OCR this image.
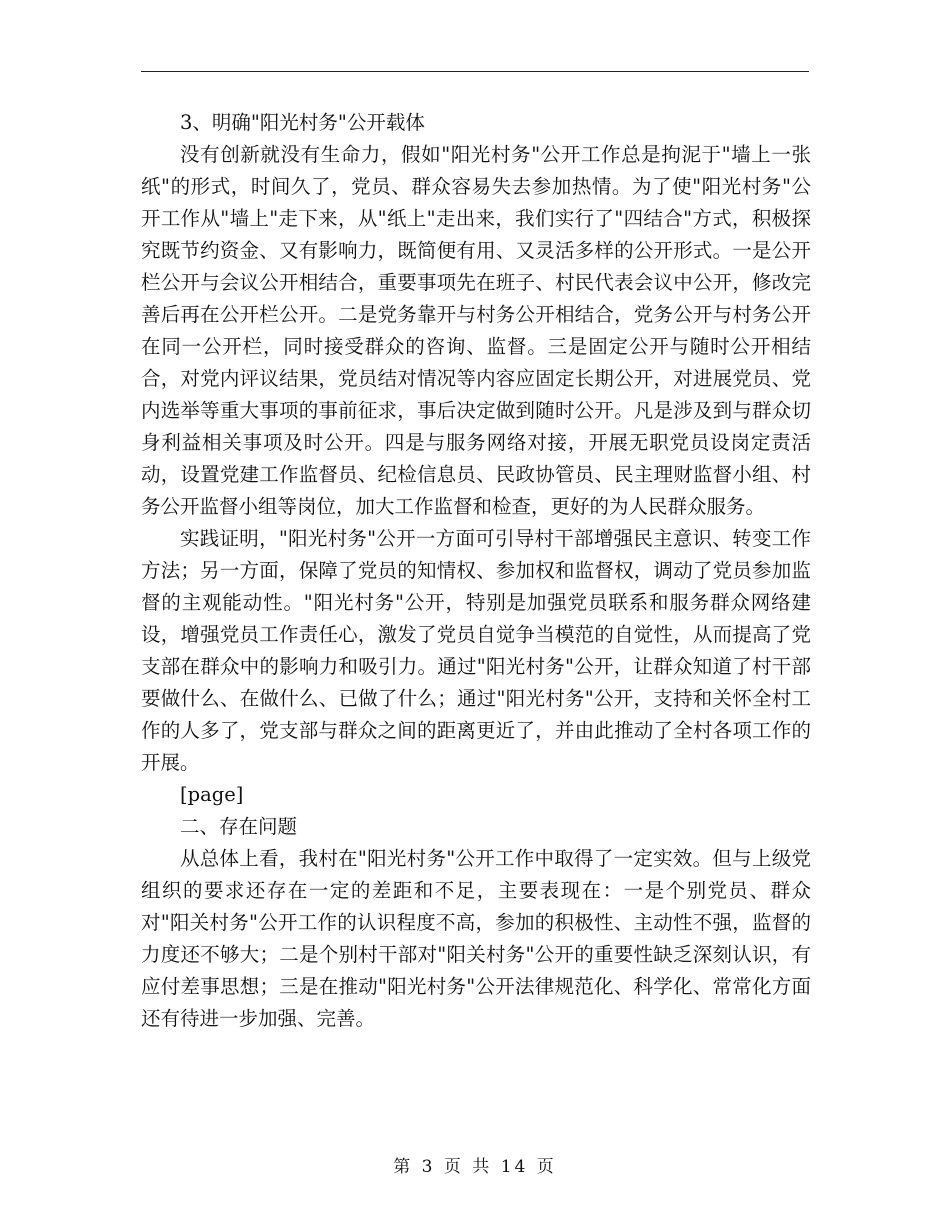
3、明确"阳光村务"公开载体

没有创新就没有生命力，假如"阳光村务"公开工作总是拘泥于"墙上一张纸"的形式，时间久了，党员、群众容易失去参加热情。为了使"阳光村务"公开工作从"墙上"走下来，从"纸上"走出来，我们实行了"四结合"方式，积极探究既节约资金、又有影响力，既简便有用、又灵活多样的公开形式。一是公开栏公开与会议公开相结合，重要事项先在班子、村民代表会议中公开，修改完善后再在公开栏公开。二是党务靠开与村务公开相结合，党务公开与村务公开在同一公开栏，同时接受群众的咨询、监督。三是固定公开与随时公开相结合，对党内评议结果，党员结对情况等内容应固定长期公开，对进展党员、党内选举等重大事项的事前征求，事后决定做到随时公开。凡是涉及到与群众切身利益相关事项及时公开。四是与服务网络对接，开展无职党员设岗定责活动，设置党建工作监督员、纪检信息员、民政协管员、民主理财监督小组、村务公开监督小组等岗位，加大工作监督和检查，更好的为人民群众服务。

实践证明，"阳光村务"公开一方面可引导村干部增强民主意识、转变工作方法；另一方面，保障了党员的知情权、参加权和监督权，调动了党员参加监督的主观能动性。"阳光村务"公开，特别是加强党员联系和服务群众网络建设，增强党员工作责任心，激发了党员自觉争当模范的自觉性，从而提高了党支部在群众中的影响力和吸引力。通过"阳光村务"公开，让群众知道了村干部要做什么、在做什么、已做了什么；通过"阳光村务"公开，支持和关怀全村工作的人多了，党支部与群众之间的距离更近了，并由此推动了全村各项工作的开展。

[page]

二、存在问题

从总体上看，我村在"阳光村务"公开工作中取得了一定实效。但与上级党组织的要求还存在一定的差距和不足，主要表现在：一是个别党员、群众对"阳关村务"公开工作的认识程度不高，参加的积极性、主动性不强，监督的力度还不够大；二是个别村干部对"阳关村务"公开的重要性缺乏深刻认识，有应付差事思想；三是在推动"阳光村务"公开法律规范化、科学化、常常化方面还有待进一步加强、完善。

第 3 页 共 14 页
